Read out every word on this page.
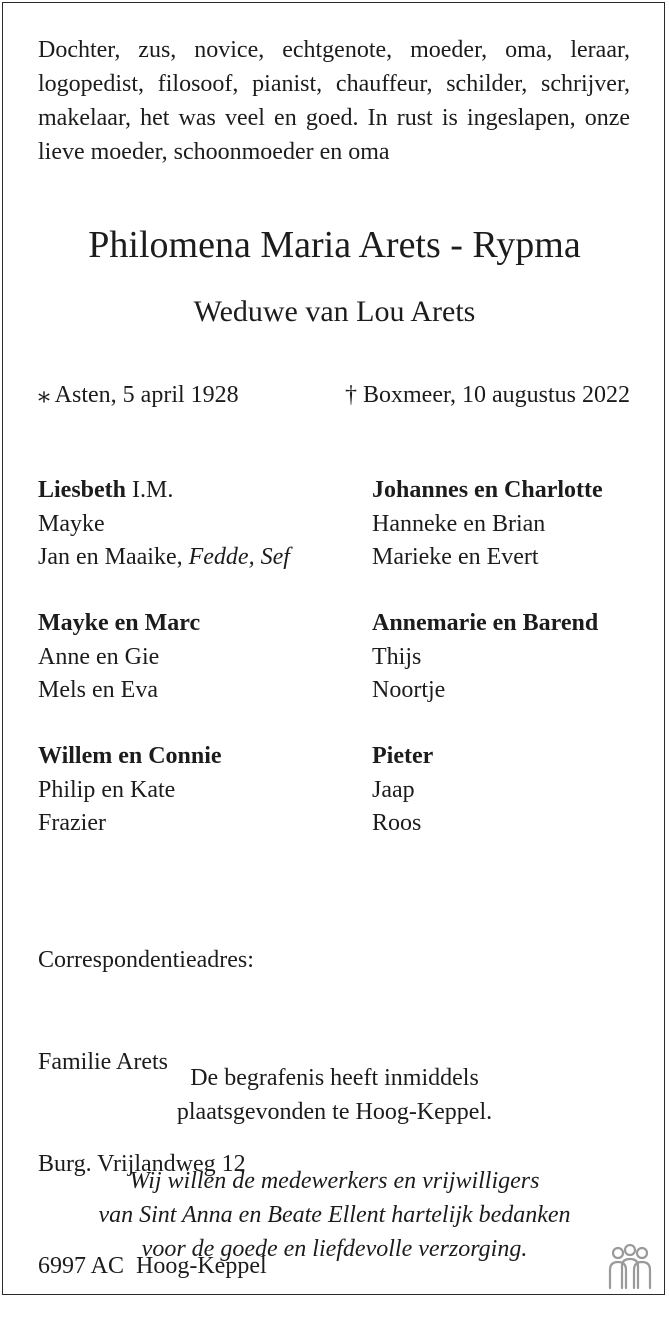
Dochter, zus, novice, echtgenote, moeder, oma, leraar, logopedist, filosoof, pianist, chauffeur, schilder, schrijver, makelaar, het was veel en goed. In rust is ingeslapen, onze lieve moeder, schoonmoeder en oma
Philomena Maria Arets - Rypma
Weduwe van Lou Arets
⁎ Asten, 5 april 1928	† Boxmeer, 10 augustus 2022
Liesbeth I.M.
Mayke
Jan en Maaike, Fedde, Sef
Johannes en Charlotte
Hanneke en Brian
Marieke en Evert
Mayke en Marc
Anne en Gie
Mels en Eva
Annemarie en Barend
Thijs
Noortje
Willem en Connie
Philip en Kate
Frazier
Pieter
Jaap
Roos

Correspondentieadres:

Familie Arets

Burg. Vrijlandweg 12

6997 AC  Hoog-Keppel

De begrafenis heeft inmiddels
plaatsgevonden te Hoog-Keppel.
Wij willen de medewerkers en vrijwilligers
van Sint Anna en Beate Ellent hartelijk bedanken
voor de goede en liefdevolle verzorging.
